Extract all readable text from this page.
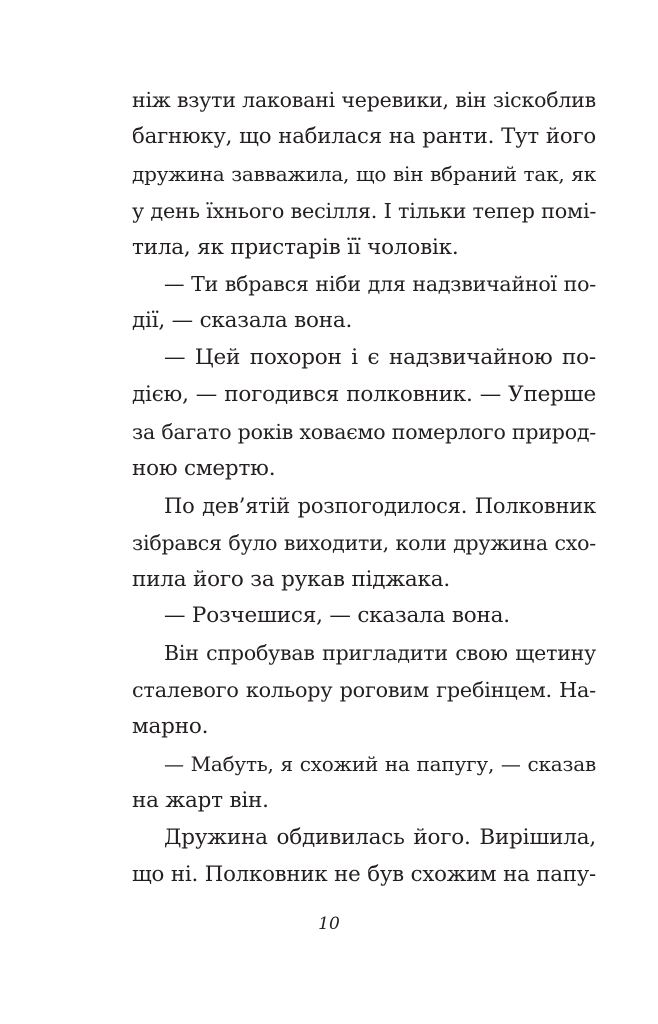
ніж взути лаковані черевики, він зіскоблив
багнюку, що набилася на ранти. Тут його
дружина завважила, що він вбраний так, як
у день їхнього весілля. І тільки тепер помі-
тила, як пристарів її чоловік.
— Ти вбрався ніби для надзвичайної по-
дії, — сказала вона.
— Цей похорон і є надзвичайною по-
дією, — погодився полковник. — Уперше
за багато років ховаємо померлого природ-
ною смертю.
По дев’ятій розпогодилося. Полковник
зібрався було виходити, коли дружина схо-
пила його за рукав піджака.
— Розчешися, — сказала вона.
Він спробував пригладити свою щетину
сталевого кольору роговим гребінцем. На-
марно.
— Мабуть, я схожий на папугу, — сказав
на жарт він.
Дружина обдивилась його. Вирішила,
що ні. Полковник не був схожим на папу-
10
